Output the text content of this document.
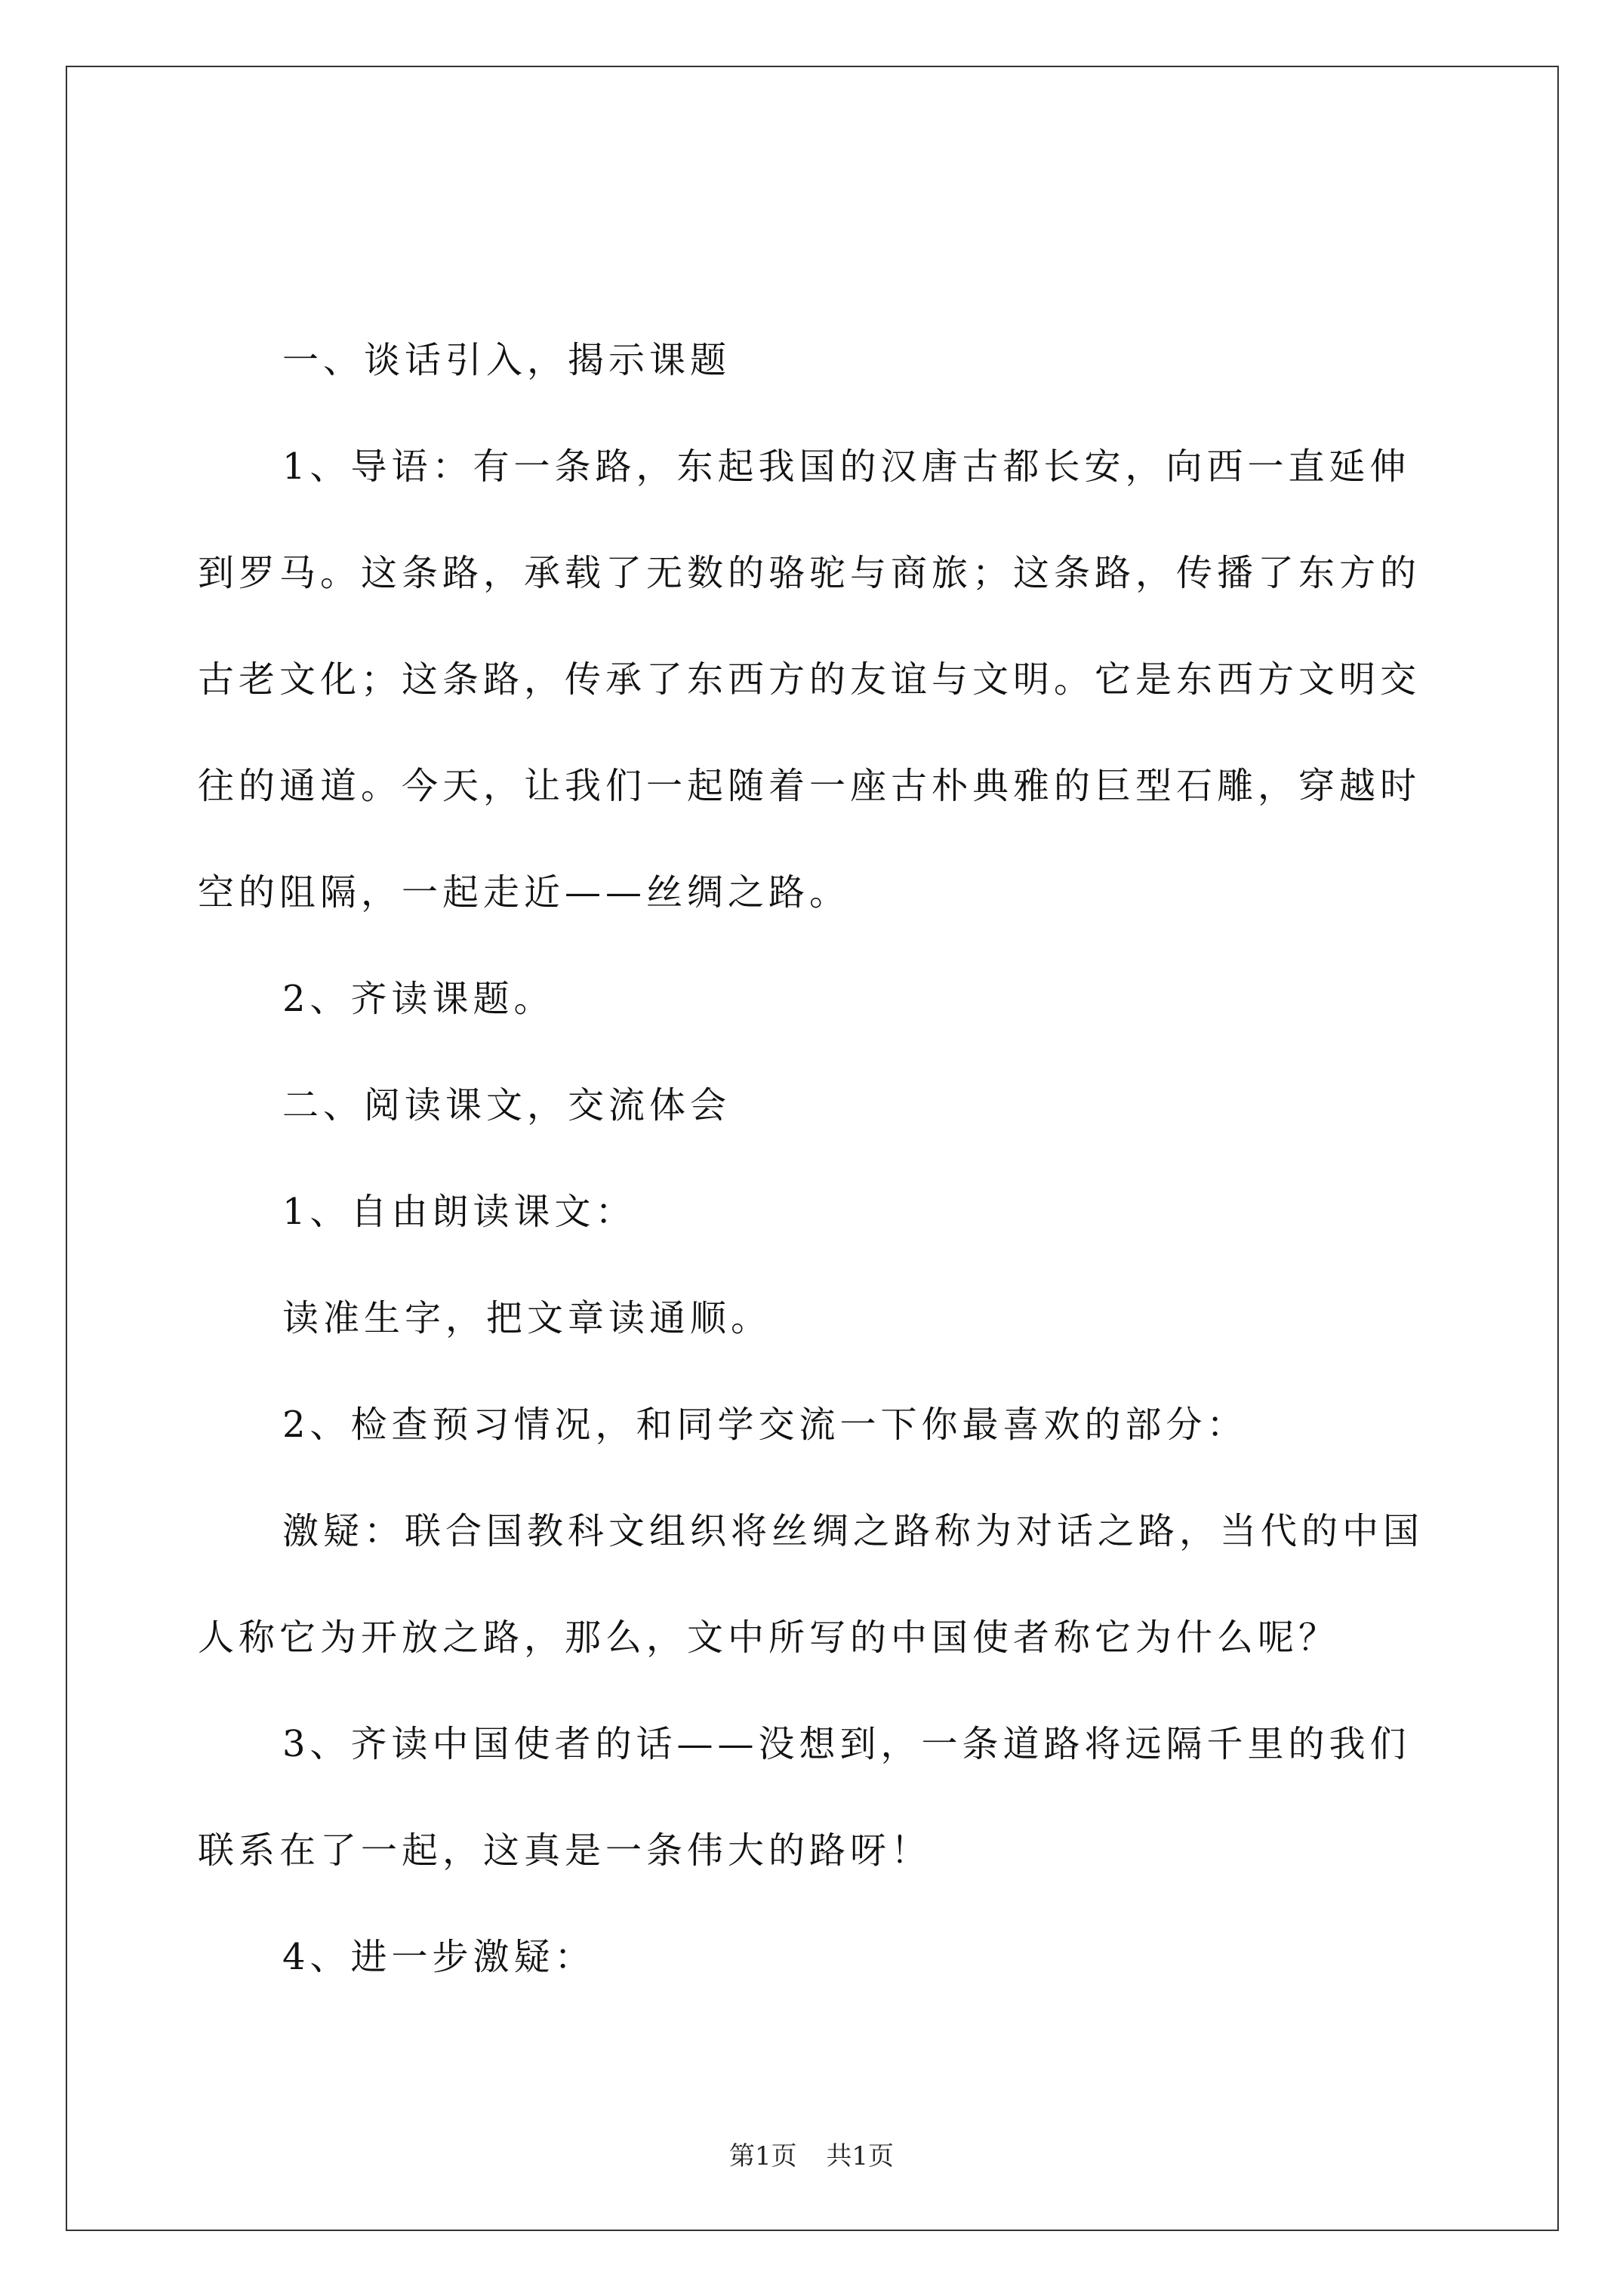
一、谈话引入，揭示课题
1、导语：有一条路，东起我国的汉唐古都长安，向西一直延伸
到罗马。这条路，承载了无数的骆驼与商旅；这条路，传播了东方的
古老文化；这条路，传承了东西方的友谊与文明。它是东西方文明交
往的通道。今天，让我们一起随着一座古朴典雅的巨型石雕，穿越时
空的阻隔，一起走近——丝绸之路。
2、齐读课题。
二、阅读课文，交流体会
1、自由朗读课文：
读准生字，把文章读通顺。
2、检查预习情况，和同学交流一下你最喜欢的部分：
激疑：联合国教科文组织将丝绸之路称为对话之路，当代的中国
人称它为开放之路，那么，文中所写的中国使者称它为什么呢？
3、齐读中国使者的话——没想到，一条道路将远隔千里的我们
联系在了一起，这真是一条伟大的路呀！
4、进一步激疑：
第1页 共1页
